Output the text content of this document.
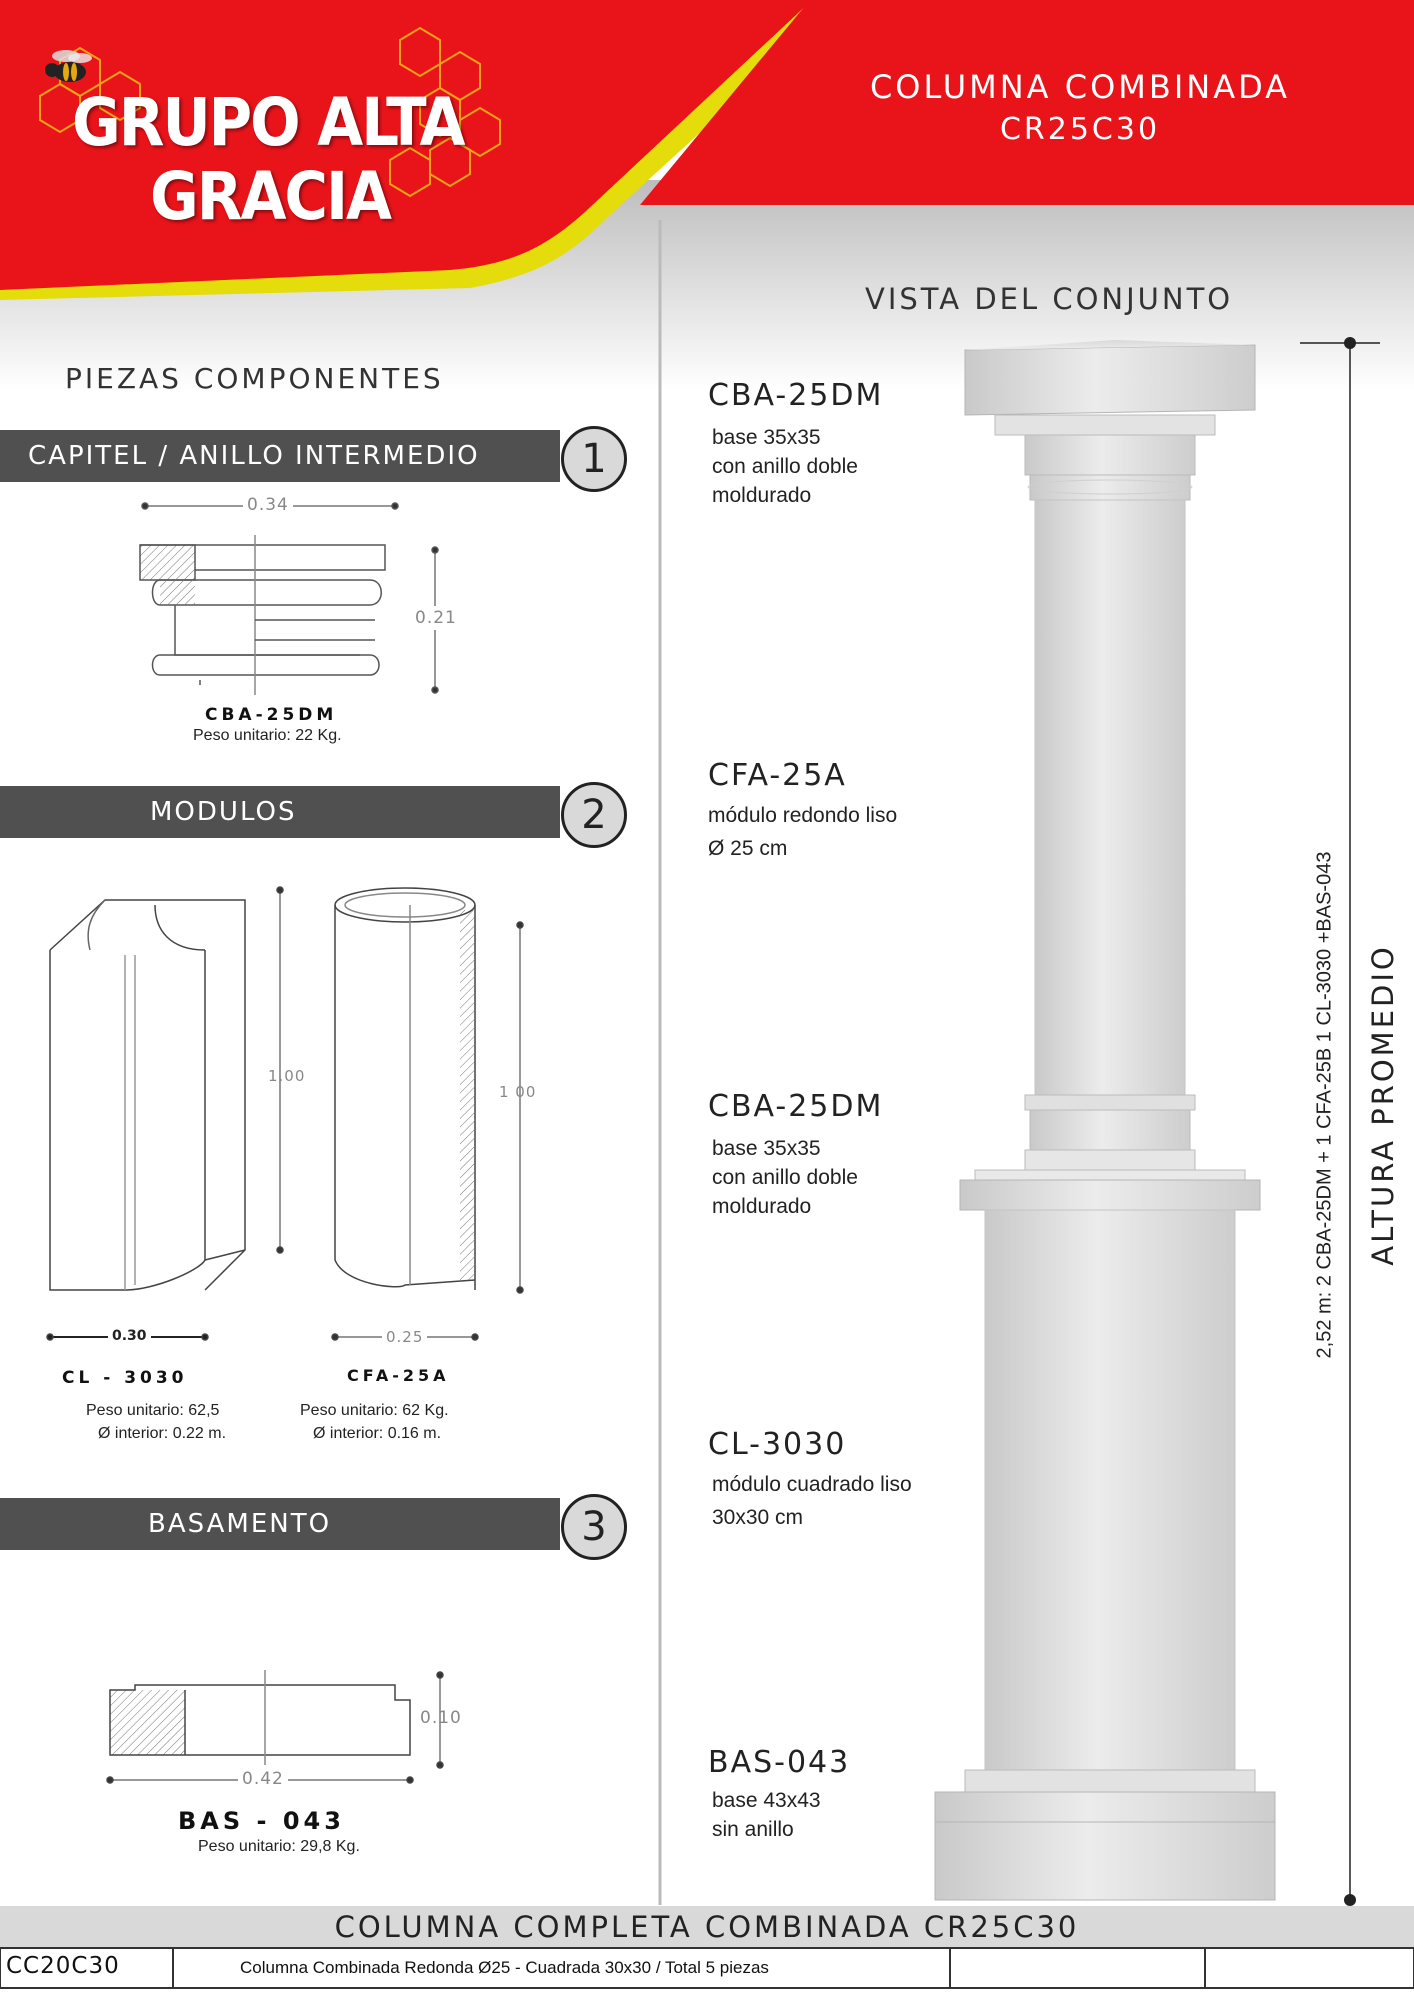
GRUPO ALTA
GRACIA
COLUMNA COMBINADA
CR25C30
PIEZAS COMPONENTES
CAPITEL / ANILLO INTERMEDIO	1
0.34
0.21
CBA-25DM
Peso unitario: 22 Kg.
MODULOS	2
1.00
1 00
0.30	0.25
CL - 3030	CFA-25A
Peso unitario: 62,5
Ø interior: 0.22 m.
Peso unitario: 62 Kg.
Ø interior: 0.16 m.
BASAMENTO	3
0.10
0.42
BAS - 043
Peso unitario: 29,8 Kg.
VISTA DEL CONJUNTO
CBA-25DM
base 35x35
con anillo doble
moldurado
CFA-25A
módulo redondo liso
Ø 25 cm
CBA-25DM
base 35x35
con anillo doble
moldurado
CL-3030
módulo cuadrado liso
30x30 cm
BAS-043
base 43x43
sin anillo
2,52 m: 2 CBA-25DM + 1 CFA-25B 1 CL-3030 +BAS-043 ALTURA PROMEDIO
COLUMNA COMPLETA COMBINADA CR25C30
CC20C30	Columna Combinada Redonda Ø25 - Cuadrada 30x30 / Total 5 piezas
